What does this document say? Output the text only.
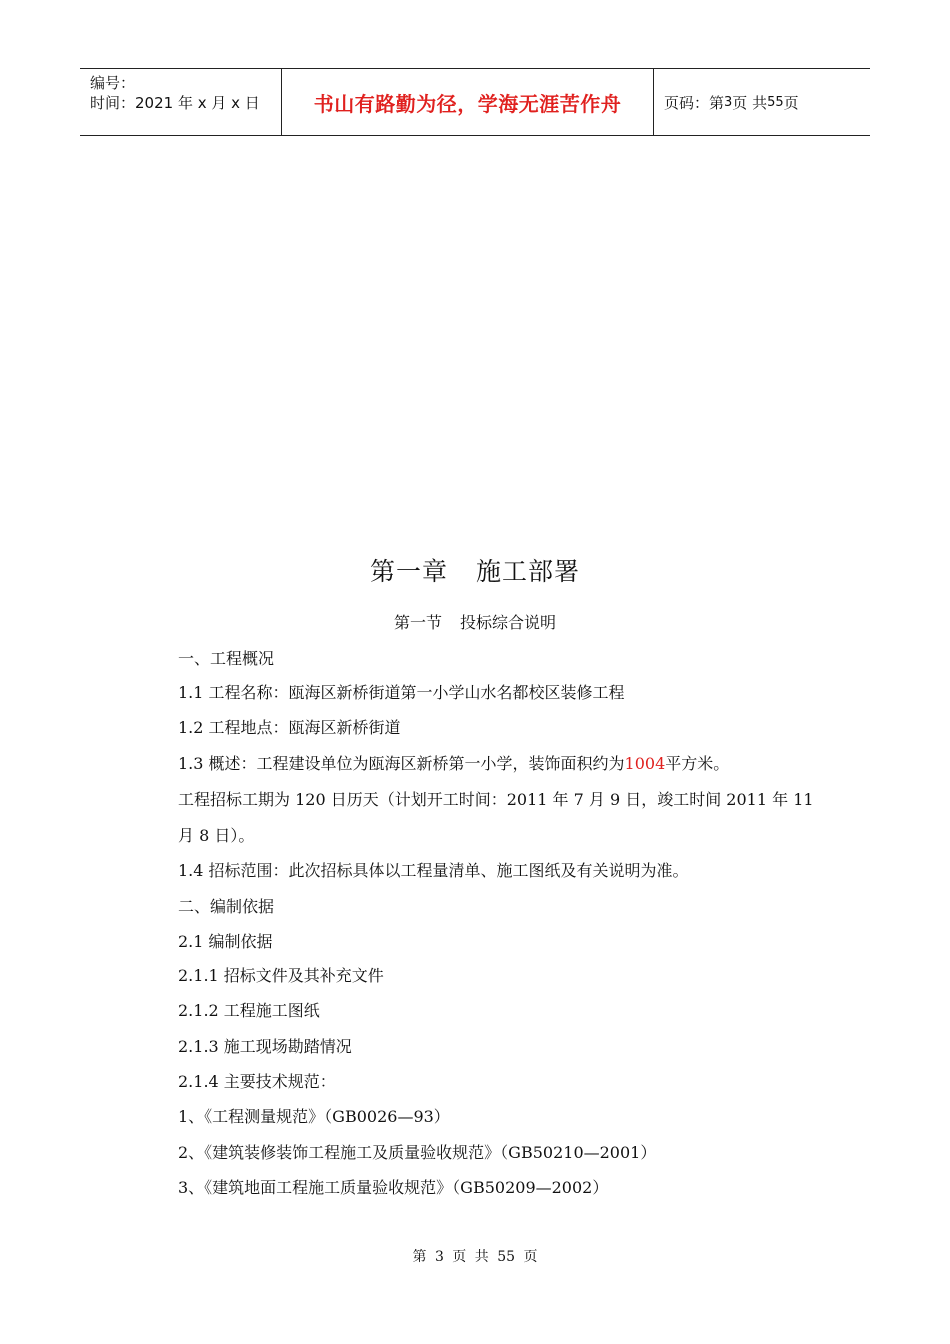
编号：
时间：2021 年 x 月 x 日	书山有路勤为径，学海无涯苦作舟	页码：第 3 页 共 55 页
第一章 施工部署
第一节 投标综合说明
一、工程概况
1.1 工程名称：瓯海区新桥街道第一小学山水名都校区装修工程
1.2 工程地点：瓯海区新桥街道
1.3 概述：工程建设单位为瓯海区新桥第一小学，装饰面积约为1004平方米。
工程招标工期为 120 日历天（计划开工时间：2011 年 7 月 9 日，竣工时间 2011 年 11
月 8 日）。
1.4 招标范围：此次招标具体以工程量清单、施工图纸及有关说明为准。
二、编制依据
2.1 编制依据
2.1.1 招标文件及其补充文件
2.1.2 工程施工图纸
2.1.3 施工现场勘踏情况
2.1.4 主要技术规范：
1、《工程测量规范》（GB0026—93）
2、《建筑装修装饰工程施工及质量验收规范》（GB50210—2001）
3、《建筑地面工程施工质量验收规范》（GB50209—2002）
第 3 页 共 55 页
